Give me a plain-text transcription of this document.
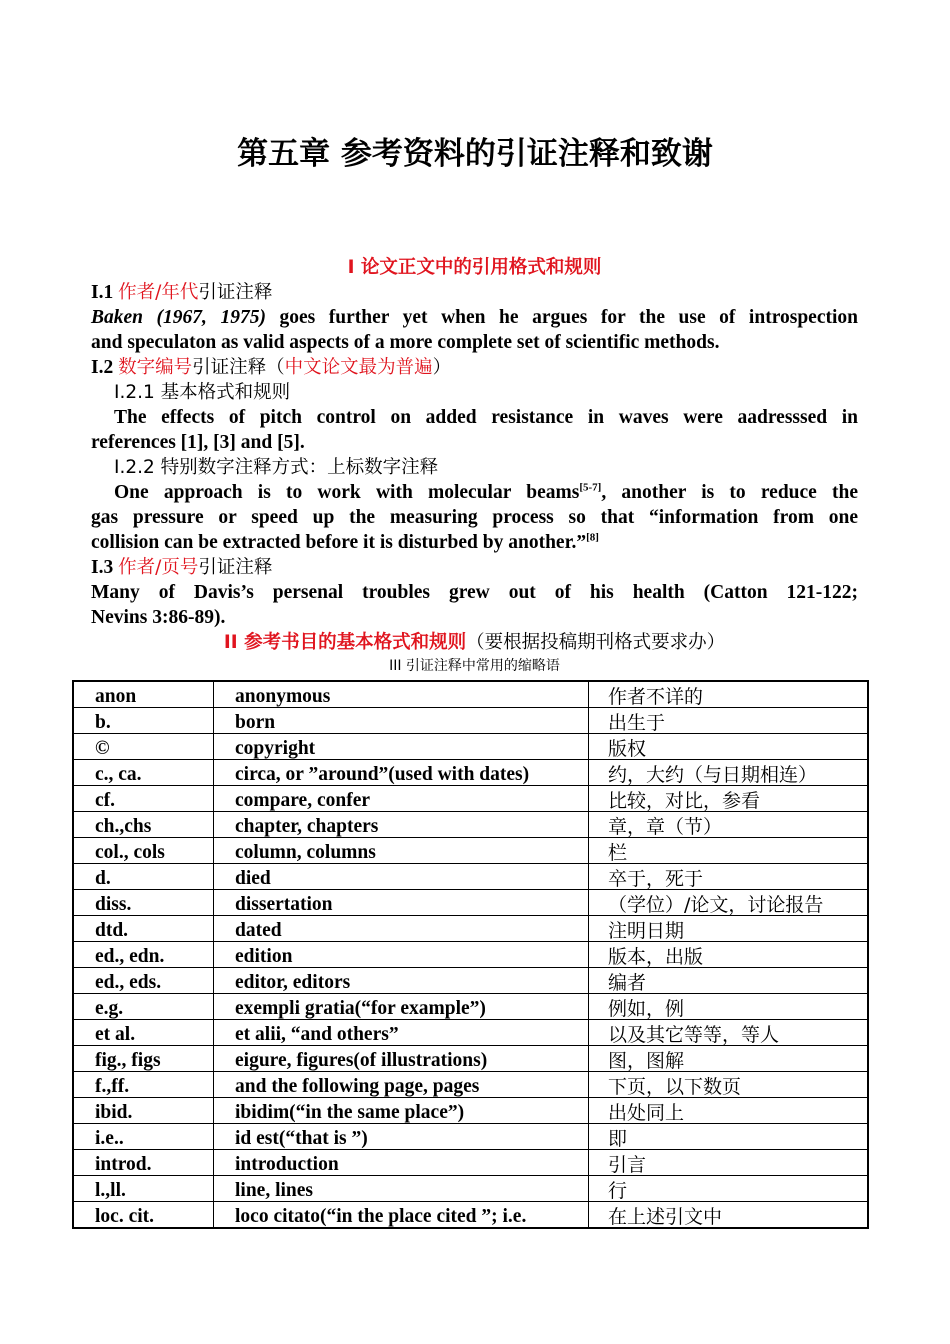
第五章 参考资料的引证注释和致谢
I 论文正文中的引用格式和规则
I.1 作者/年代引证注释
Baken (1967, 1975) goes further yet when he argues for the use of introspection
and speculaton as valid aspects of a more complete set of scientific methods.
I.2 数字编号引证注释（中文论文最为普遍）
I.2.1 基本格式和规则
The effects of pitch control on added resistance in waves were aadresssed in
references [1], [3] and [5].
I.2.2 特别数字注释方式：上标数字注释
One approach is to work with molecular beams[5-7], another is to reduce the
gas pressure or speed up the measuring process so that “information from one
collision can be extracted before it is disturbed by another.”[8]
I.3 作者/页号引证注释
Many of Davis’s persenal troubles grew out of his health (Catton 121-122;
Nevins 3:86-89).
II 参考书目的基本格式和规则（要根据投稿期刊格式要求办）
III 引证注释中常用的缩略语
anon	anonymous	作者不详的
b.	born	出生于
©	copyright	版权
c., ca.	circa, or ”around”(used with dates)	约，大约（与日期相连）
cf.	compare, confer	比较，对比，参看
ch.,chs	chapter, chapters	章，章（节）
col., cols	column, columns	栏
d.	died	卒于，死于
diss.	dissertation	（学位）/论文，讨论报告
dtd.	dated	注明日期
ed., edn.	edition	版本，出版
ed., eds.	editor, editors	编者
e.g.	exempli gratia(“for example”)	例如，例
et al.	et alii, “and others”	以及其它等等，等人
fig., figs	eigure, figures(of illustrations)	图，图解
f.,ff.	and the following page, pages	下页，以下数页
ibid.	ibidim(“in the same place”)	出处同上
i.e..	id est(“that is ”)	即
introd.	introduction	引言
l.,ll.	line, lines	行
loc. cit.	loco citato(“in the place cited ”; i.e.	在上述引文中
